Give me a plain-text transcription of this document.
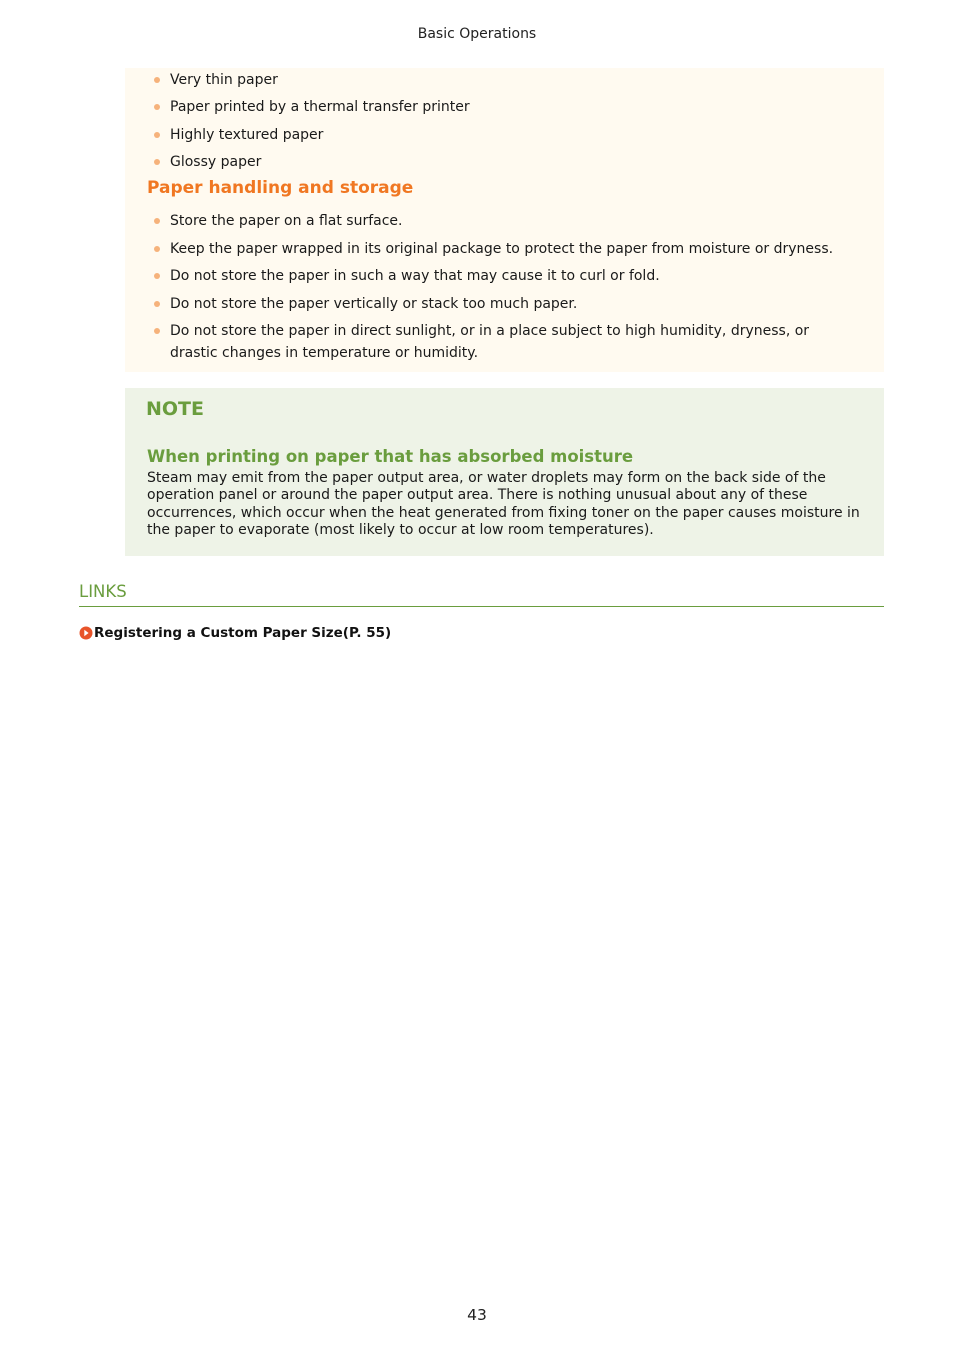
Basic Operations
Very thin paper
Paper printed by a thermal transfer printer
Highly textured paper
Glossy paper
Paper handling and storage
Store the paper on a flat surface.
Keep the paper wrapped in its original package to protect the paper from moisture or dryness.
Do not store the paper in such a way that may cause it to curl or fold.
Do not store the paper vertically or stack too much paper.
Do not store the paper in direct sunlight, or in a place subject to high humidity, dryness, or drastic changes in temperature or humidity.
NOTE
When printing on paper that has absorbed moisture
Steam may emit from the paper output area, or water droplets may form on the back side of the operation panel or around the paper output area. There is nothing unusual about any of these occurrences, which occur when the heat generated from fixing toner on the paper causes moisture in the paper to evaporate (most likely to occur at low room temperatures).
LINKS
Registering a Custom Paper Size(P. 55)
43
